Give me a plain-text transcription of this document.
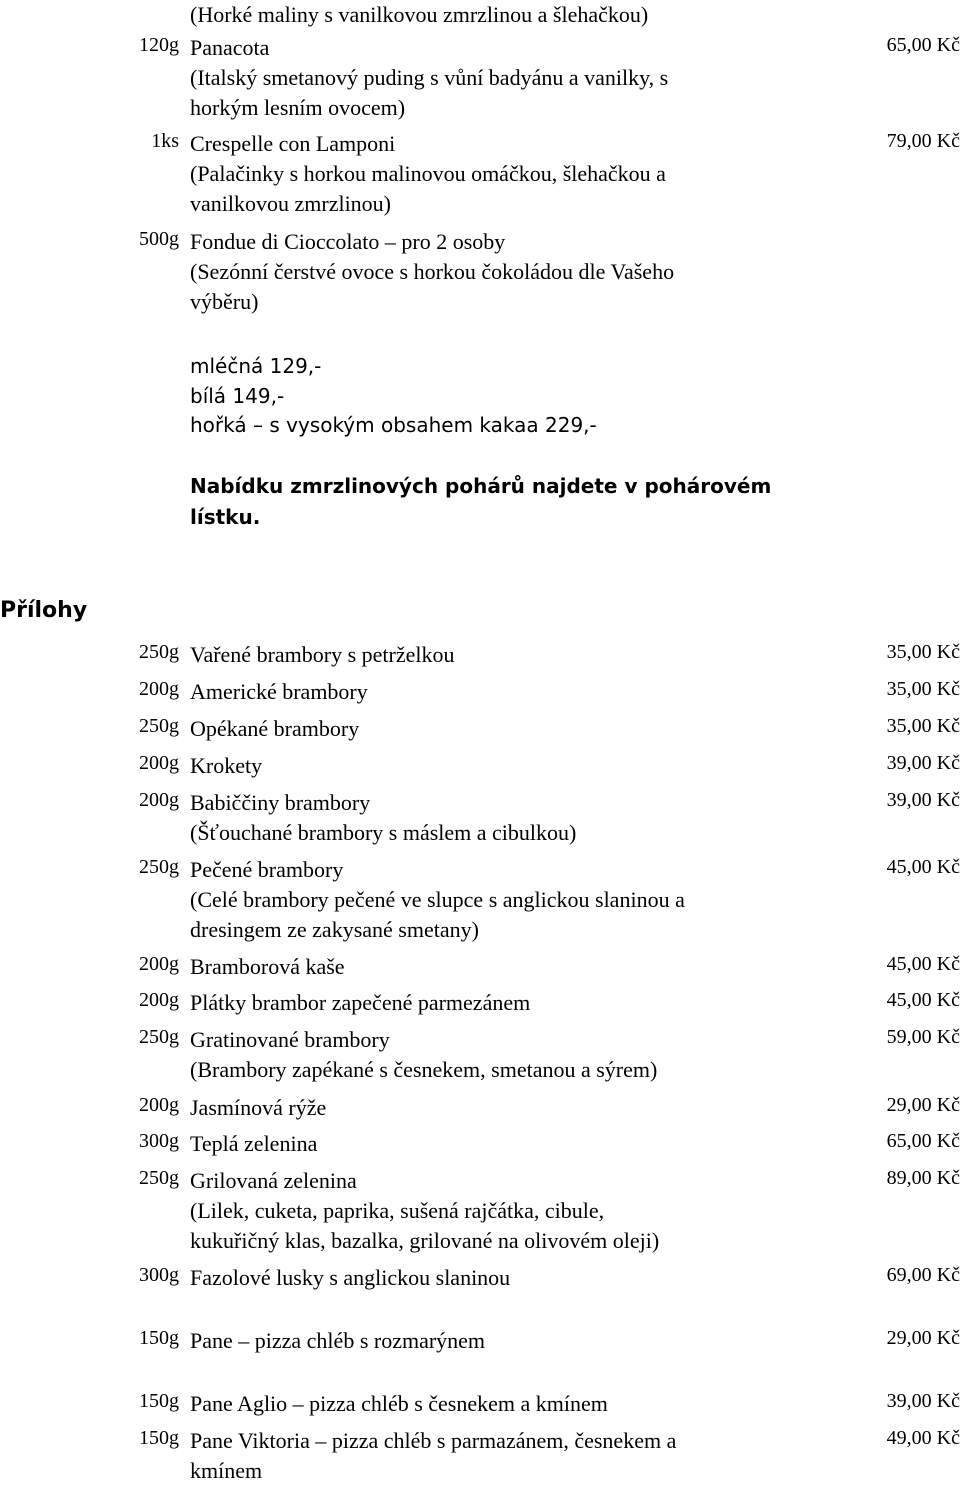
(Horké maliny s vanilkovou zmrzlinou a šlehačkou)
120g Panacota
(Italský smetanový puding s vůní badyánu a vanilky, s
horkým lesním ovocem)
65,00 Kč
1ks Crespelle con Lamponi
(Palačinky s horkou malinovou omáčkou, šlehačkou a
vanilkovou zmrzlinou)
79,00 Kč
500g Fondue di Cioccolato – pro 2 osoby
(Sezónní čerstvé ovoce s horkou čokoládou dle Vašeho
výběru)
mléčná 129,-
bílá 149,-
hořká – s vysokým obsahem kakaa 229,-
Nabídku zmrzlinových pohárů najdete v pohárovém
lístku.
Přílohy
250g Vařené brambory s petrželkou	35,00 Kč
200g Americké brambory	35,00 Kč
250g Opékané brambory	35,00 Kč
200g Krokety	39,00 Kč
200g Babiččiny brambory
(Šťouchané brambory s máslem a cibulkou)
39,00 Kč
250g Pečené brambory
(Celé brambory pečené ve slupce s anglickou slaninou a
dresingem ze zakysané smetany)
45,00 Kč
200g Bramborová kaše	45,00 Kč
200g Plátky brambor zapečené parmezánem	45,00 Kč
250g Gratinované brambory
(Brambory zapékané s česnekem, smetanou a sýrem)
59,00 Kč
200g Jasmínová rýže	29,00 Kč
300g Teplá zelenina	65,00 Kč
250g Grilovaná zelenina
(Lilek, cuketa, paprika, sušená rajčátka, cibule,
kukuřičný klas, bazalka, grilované na olivovém oleji)
89,00 Kč
300g Fazolové lusky s anglickou slaninou	69,00 Kč
150g Pane – pizza chléb s rozmarýnem	29,00 Kč
150g Pane Aglio – pizza chléb s česnekem a kmínem	39,00 Kč
150g Pane Viktoria – pizza chléb s parmazánem, česnekem a
kmínem
49,00 Kč
